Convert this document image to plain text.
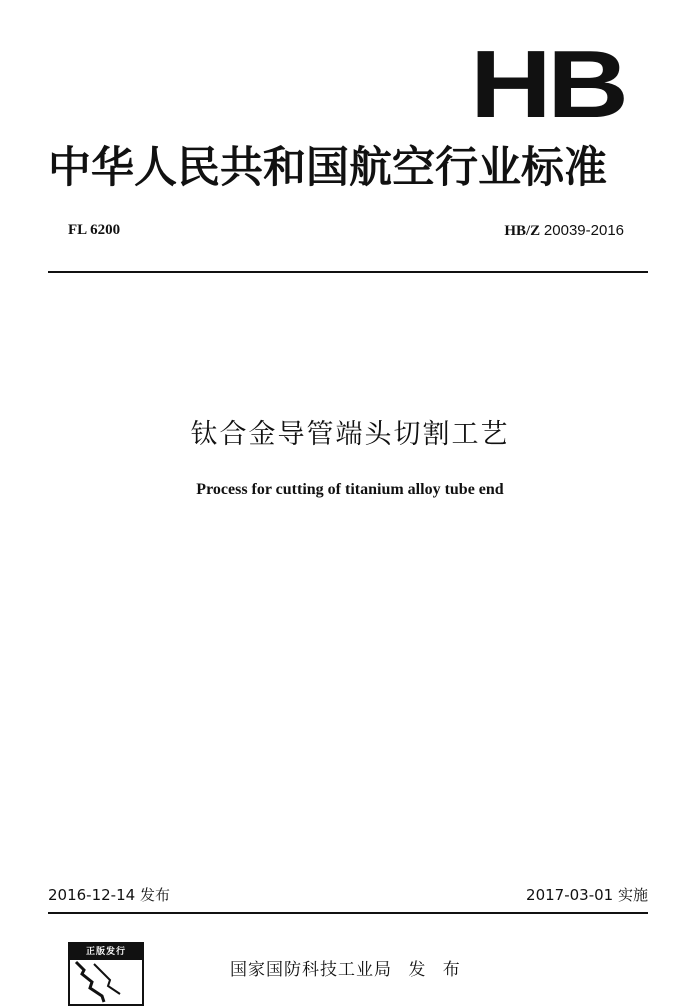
HB
中华人民共和国航空行业标准
FL 6200	HB/Z 20039-2016
钛合金导管端头切割工艺
Process for cutting of titanium alloy tube end
2016-12-14 发布	2017-03-01 实施
正版发行
国家国防科技工业局 发 布
